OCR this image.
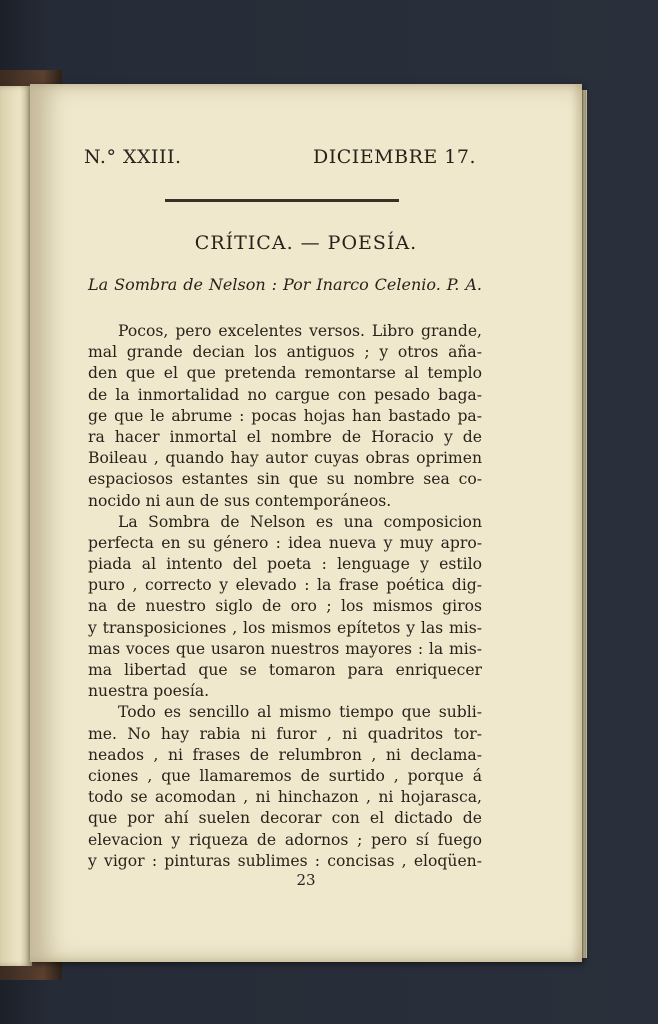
N.° XXIII.	DICIEMBRE 17.
CRÍTICA. — POESÍA.
La Sombra de Nelson : Por Inarco Celenio. P. A.

Pocos, pero excelentes versos. Libro grande,
mal grande decian los antiguos ; y otros aña-
den que el que pretenda remontarse al templo
de la inmortalidad no cargue con pesado baga-
ge que le abrume : pocas hojas han bastado pa-
ra hacer inmortal el nombre de Horacio y de
Boileau , quando hay autor cuyas obras oprimen
espaciosos estantes sin que su nombre sea co-
nocido ni aun de sus contemporáneos.

La Sombra de Nelson es una composicion
perfecta en su género : idea nueva y muy apro-
piada al intento del poeta : lenguage y estilo
puro , correcto y elevado : la frase poética dig-
na de nuestro siglo de oro ; los mismos giros
y transposiciones , los mismos epítetos y las mis-
mas voces que usaron nuestros mayores : la mis-
ma libertad que se tomaron para enriquecer
nuestra poesía.

Todo es sencillo al mismo tiempo que subli-
me. No hay rabia ni furor , ni quadritos tor-
neados , ni frases de relumbron , ni declama-
ciones , que llamaremos de surtido , porque á
todo se acomodan , ni hinchazon , ni hojarasca,
que por ahí suelen decorar con el dictado de
elevacion y riqueza de adornos ; pero sí fuego
y vigor : pinturas sublimes : concisas , eloqüen-

23
